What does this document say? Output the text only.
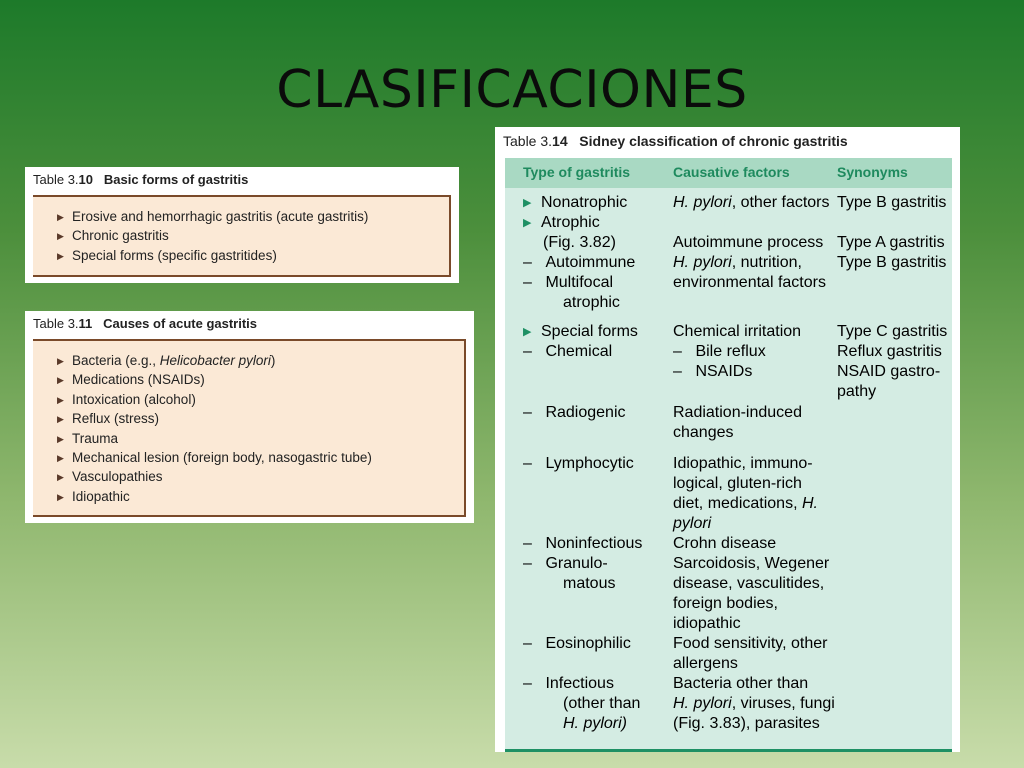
CLASIFICACIONES
Table 3.10 Basic forms of gastritis
▶ Erosive and hemorrhagic gastritis (acute gastritis)
▶ Chronic gastritis
▶ Special forms (specific gastritides)
Table 3.11 Causes of acute gastritis
▶ Bacteria (e.g., Helicobacter pylori)
▶ Medications (NSAIDs)
▶ Intoxication (alcohol)
▶ Reflux (stress)
▶ Trauma
▶ Mechanical lesion (foreign body, nasogastric tube)
▶ Vasculopathies
▶ Idiopathic
Table 3.14 Sidney classification of chronic gastritis
Type of gastritis	Causative factors	Synonyms
▶ Nonatrophic
▶ Atrophic
(Fig. 3.82)
– Autoimmune
– Multifocal
atrophic
▶ Special forms
– Chemical
– Radiogenic
– Lymphocytic
– Noninfectious
– Granulo-
matous
– Eosinophilic
– Infectious
(other than
H. pylori)
H. pylori, other factors
Autoimmune process
H. pylori, nutrition,
environmental factors
Chemical irritation
– Bile reflux
– NSAIDs
Radiation-induced
changes
Idiopathic, immuno-
logical, gluten-rich
diet, medications, H.
pylori
Crohn disease
Sarcoidosis, Wegener
disease, vasculitides,
foreign bodies,
idiopathic
Food sensitivity, other
allergens
Bacteria other than
H. pylori, viruses, fungi
(Fig. 3.83), parasites
Type B gastritis
Type A gastritis
Type B gastritis
Type C gastritis
Reflux gastritis
NSAID gastro-
pathy
